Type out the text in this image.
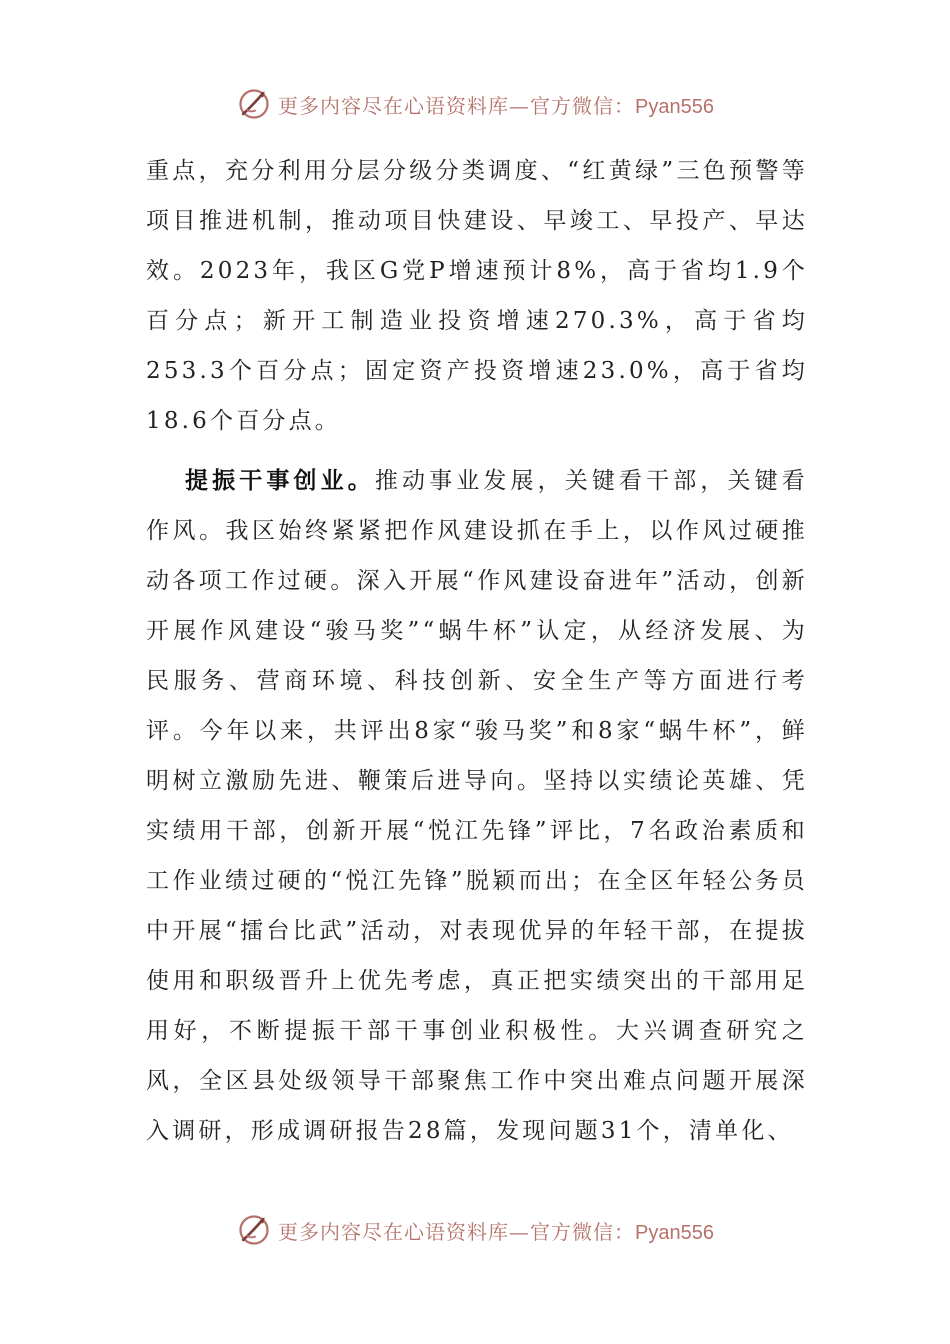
更多内容尽在心语资料库—官方微信：Pyan556

重点，充分利用分层分级分类调度、“红黄绿”三色预警等项目推进机制，推动项目快建设、早竣工、早投产、早达效。2023年，我区G党P增速预计8%，高于省均1.9个百分点；新开工制造业投资增速270.3%，高于省均253.3个百分点；固定资产投资增速23.0%，高于省均18.6个百分点。

提振干事创业。推动事业发展，关键看干部，关键看作风。我区始终紧紧把作风建设抓在手上，以作风过硬推动各项工作过硬。深入开展“作风建设奋进年”活动，创新开展作风建设“骏马奖”“蜗牛杯”认定，从经济发展、为民服务、营商环境、科技创新、安全生产等方面进行考评。今年以来，共评出8家“骏马奖”和8家“蜗牛杯”，鲜明树立激励先进、鞭策后进导向。坚持以实绩论英雄、凭实绩用干部，创新开展“悦江先锋”评比，7名政治素质和工作业绩过硬的“悦江先锋”脱颖而出；在全区年轻公务员中开展“擂台比武”活动，对表现优异的年轻干部，在提拔使用和职级晋升上优先考虑，真正把实绩突出的干部用足用好，不断提振干部干事创业积极性。大兴调查研究之风，全区县处级领导干部聚焦工作中突出难点问题开展深入调研，形成调研报告28篇，发现问题31个，清单化、

更多内容尽在心语资料库—官方微信：Pyan556
